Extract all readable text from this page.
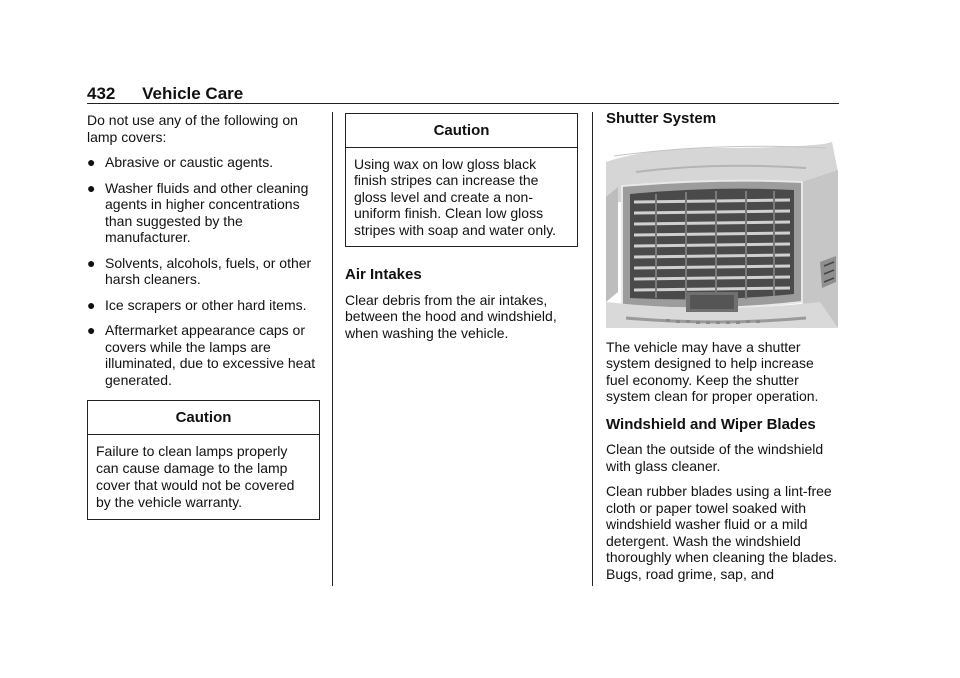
432 Vehicle Care

Do not use any of the following on lamp covers:

● Abrasive or caustic agents.
● Washer fluids and other cleaning agents in higher concentrations than suggested by the manufacturer.
● Solvents, alcohols, fuels, or other harsh cleaners.
● Ice scrapers or other hard items.
● Aftermarket appearance caps or covers while the lamps are illuminated, due to excessive heat generated.
Caution
Failure to clean lamps properly can cause damage to the lamp cover that would not be covered by the vehicle warranty.
Caution
Using wax on low gloss black finish stripes can increase the gloss level and create a non-uniform finish. Clean low gloss stripes with soap and water only.
Air Intakes

Clear debris from the air intakes, between the hood and windshield, when washing the vehicle.

Shutter System

The vehicle may have a shutter system designed to help increase fuel economy. Keep the shutter system clean for proper operation.

Windshield and Wiper Blades

Clean the outside of the windshield with glass cleaner.

Clean rubber blades using a lint-free cloth or paper towel soaked with windshield washer fluid or a mild detergent. Wash the windshield thoroughly when cleaning the blades. Bugs, road grime, sap, and
